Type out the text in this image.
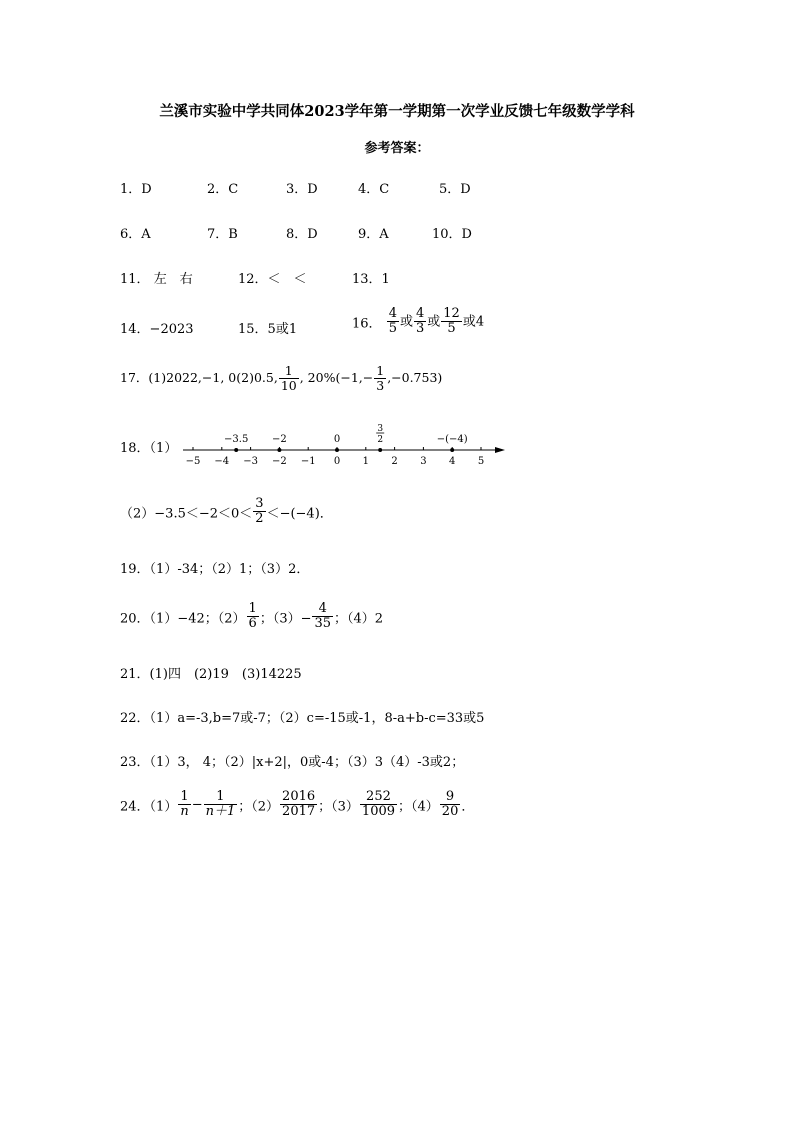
兰溪市实验中学共同体2023学年第一学期第一次学业反馈七年级数学学科
参考答案：
1．D	2．C	3．D	4．C	5．D
6．A	7．B	8．D	9．A	10．D
11． 左　右	12．＜　＜	13．1
14．−2023	15．5或1	16． $\frac{4}{5}$ 或 $\frac{4}{3}$ 或 $\frac{12}{5}$ 或4
17．(1)2022,−1, 0(2)0.5, $\frac{1}{10}$ , $20\%(-1,- \frac{1}{3} ,-0.753)$
18．（1）
−5 −4 −3 −2 −1 0 1 2 3 4 5
−3.5 −2	0
3
2	−(−4)
$(2)-3.5<-2<0< \frac{3}{2} <-(-4)$．
19．（1）-34；（2）1；（3）2．
20．（1）−42；$(2) \frac{1}{6}$ ；$(3)- \frac{4}{35}$ ；（4）2
21．(1)四　(2)19　(3)14225
22．（1）a=-3,b=7或-7；（2）c=-15或-1，8-a+b-c=33或5
23．（1）3， 4；（2）|x+2|，0或-4；（3）3（4）-3或2；
24．$(1) \frac{1}{n} - \frac{1}{n+1}$ ；$(2) \frac{2016}{2017}$ ；$(3) \frac{252}{1009}$ ；$(4) \frac{9}{20}$ ．
